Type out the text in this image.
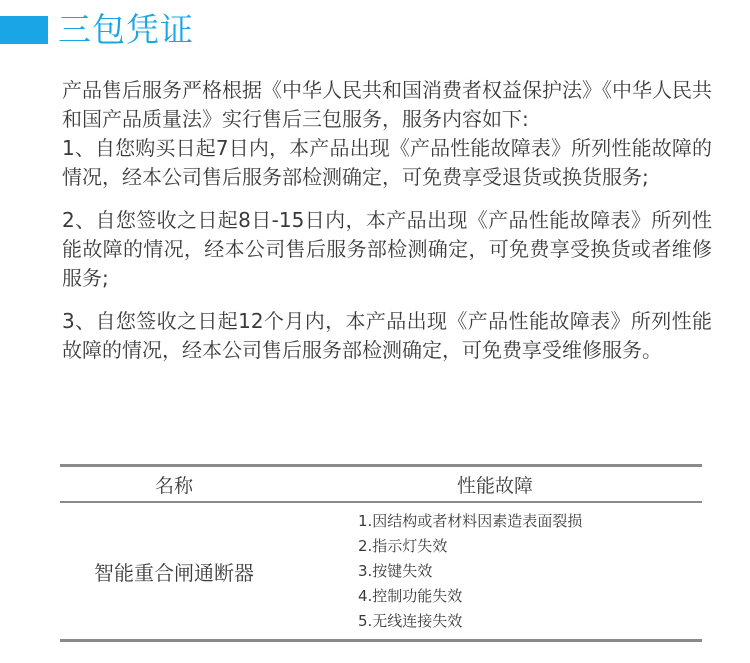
三包凭证

产品售后服务严格根据《中华人民共和国消费者权益保护法》《中华人民共和国产品质量法》实行售后三包服务，服务内容如下:

1、自您购买日起7日内，本产品出现《产品性能故障表》所列性能故障的情况，经本公司售后服务部检测确定，可免费享受退货或换货服务;

2、自您签收之日起8日-15日内，本产品出现《产品性能故障表》所列性能故障的情况，经本公司售后服务部检测确定，可免费享受换货或者维修服务;

3、自您签收之日起12个月内，本产品出现《产品性能故障表》所列性能故障的情况，经本公司售后服务部检测确定，可免费享受维修服务。

名称	性能故障
智能重合闸通断器
1.因结构或者材料因素造表面裂损
2.指示灯失效
3.按键失效
4.控制功能失效
5.无线连接失效
